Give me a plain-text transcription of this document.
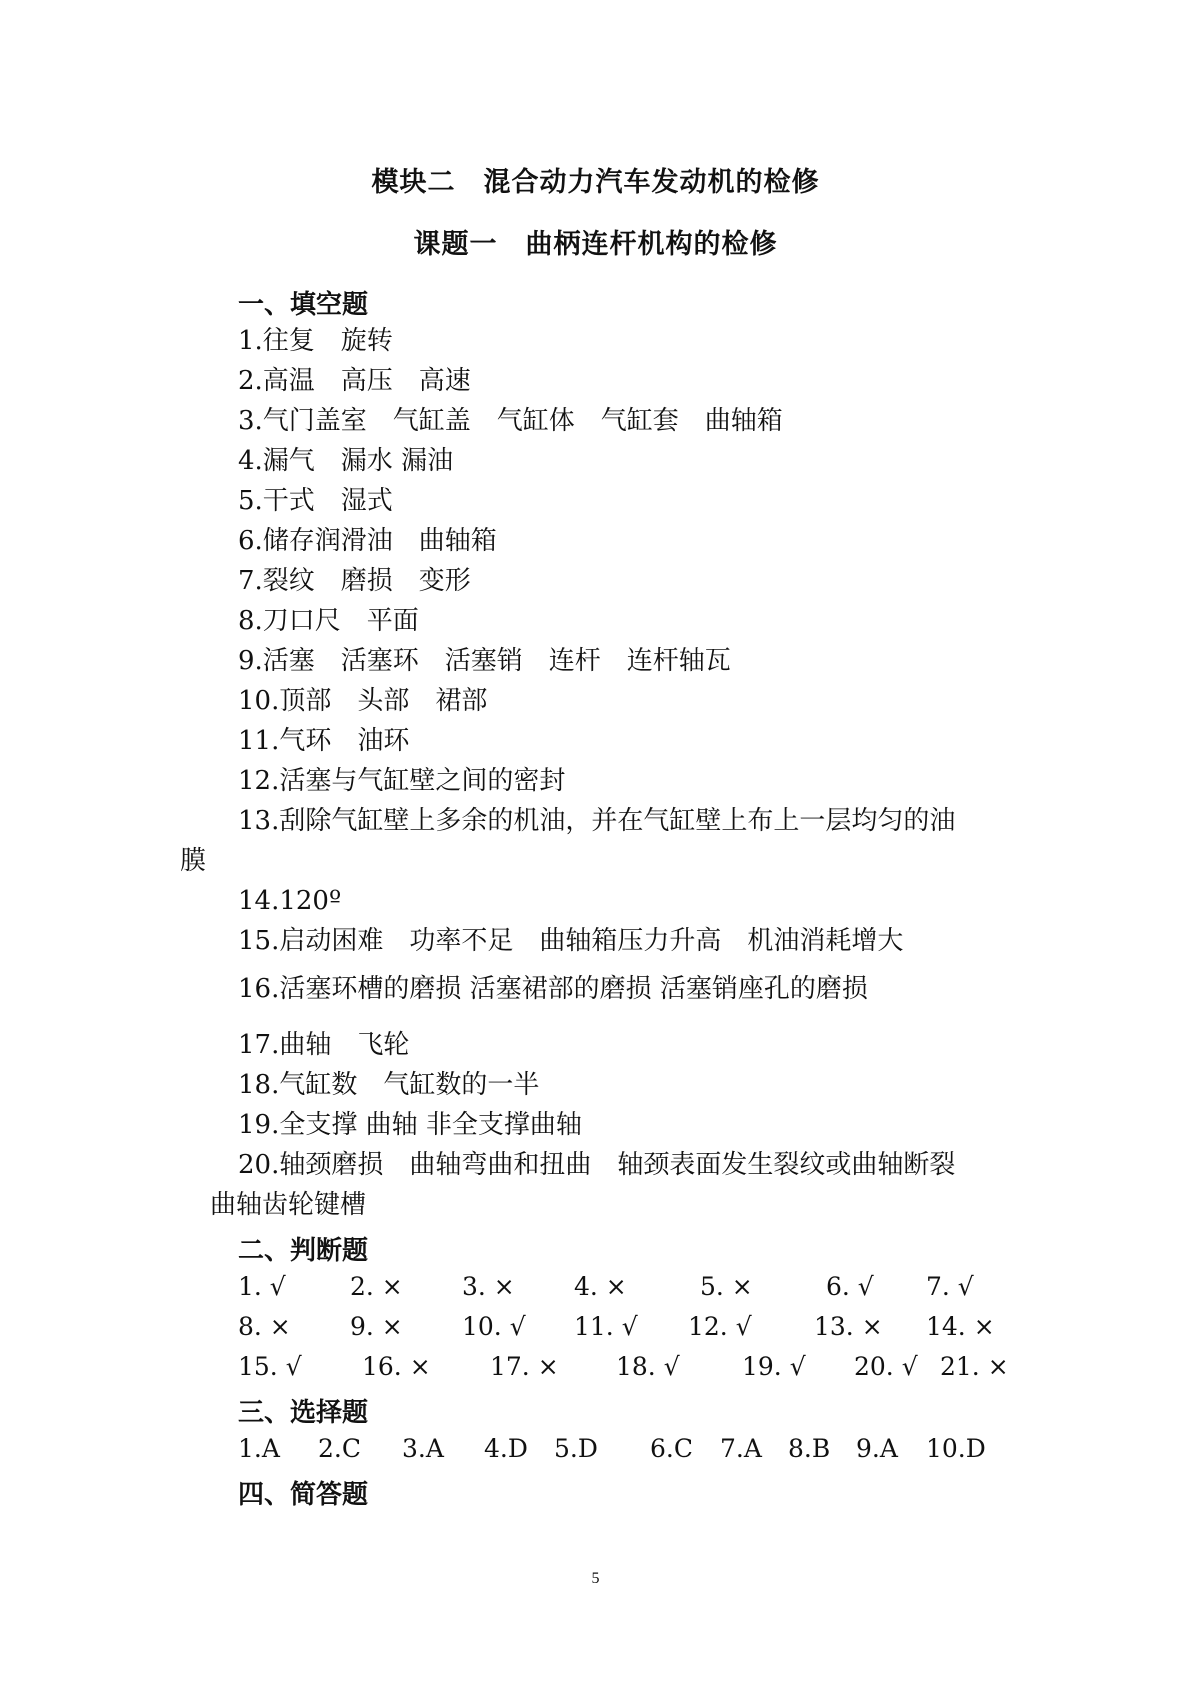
模块二　混合动力汽车发动机的检修
课题一　曲柄连杆机构的检修
一、填空题
1.往复　旋转
2.高温　高压　高速
3.气门盖室　气缸盖　气缸体　气缸套　曲轴箱
4.漏气　漏水 漏油
5.干式　湿式
6.储存润滑油　曲轴箱
7.裂纹　磨损　变形
8.刀口尺　平面
9.活塞　活塞环　活塞销　连杆　连杆轴瓦
10.顶部　头部　裙部
11.气环　油环
12.活塞与气缸壁之间的密封
13.刮除气缸壁上多余的机油，并在气缸壁上布上一层均匀的油
膜
14.120º
15.启动困难　功率不足　曲轴箱压力升高　机油消耗增大
16.活塞环槽的磨损 活塞裙部的磨损 活塞销座孔的磨损
17.曲轴　飞轮
18.气缸数　气缸数的一半
19.全支撑 曲轴 非全支撑曲轴
20.轴颈磨损　曲轴弯曲和扭曲　轴颈表面发生裂纹或曲轴断裂
曲轴齿轮键槽
二、判断题
1. √	2. × 3. × 4. ×	5. ×	6. √ 7. √
8. × 9. × 10. √ 11. √ 12. √ 13. × 14. ×
15. √ 16. × 17. × 18. √ 19. √ 20. √ 21. ×
三、选择题
1.A 2.C 3.A 4.D 5.D 6.C 7.A 8.B 9.A 10.D
四、简答题
5
